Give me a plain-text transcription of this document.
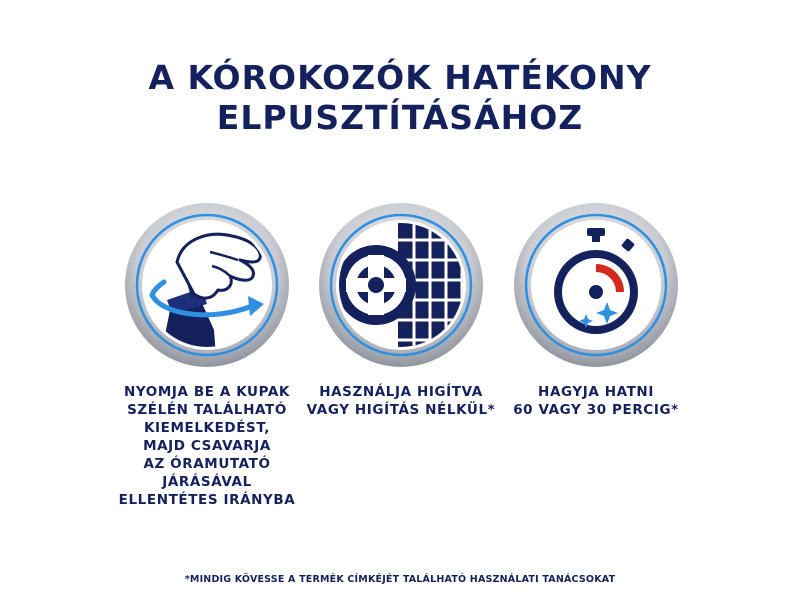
A KÓROKOZÓK HATÉKONY
ELPUSZTÍTÁSÁHOZ
NYOMJA BE A KUPAK
SZÉLÉN TALÁLHATÓ
KIEMELKEDÉST,
MAJD CSAVARJA
AZ ÓRAMUTATÓ
JÁRÁSÁVAL
ELLENTÉTES IRÁNYBA
HASZNÁLJA HIGÍTVA
VAGY HIGÍTÁS NÉLKÜL*
HAGYJA HATNI
60 VAGY 30 PERCIG*
*MINDIG KÖVESSE A TERMÉK CÍMKÉJÉT TALÁLHATÓ HASZNÁLATI TANÁCSOKAT
